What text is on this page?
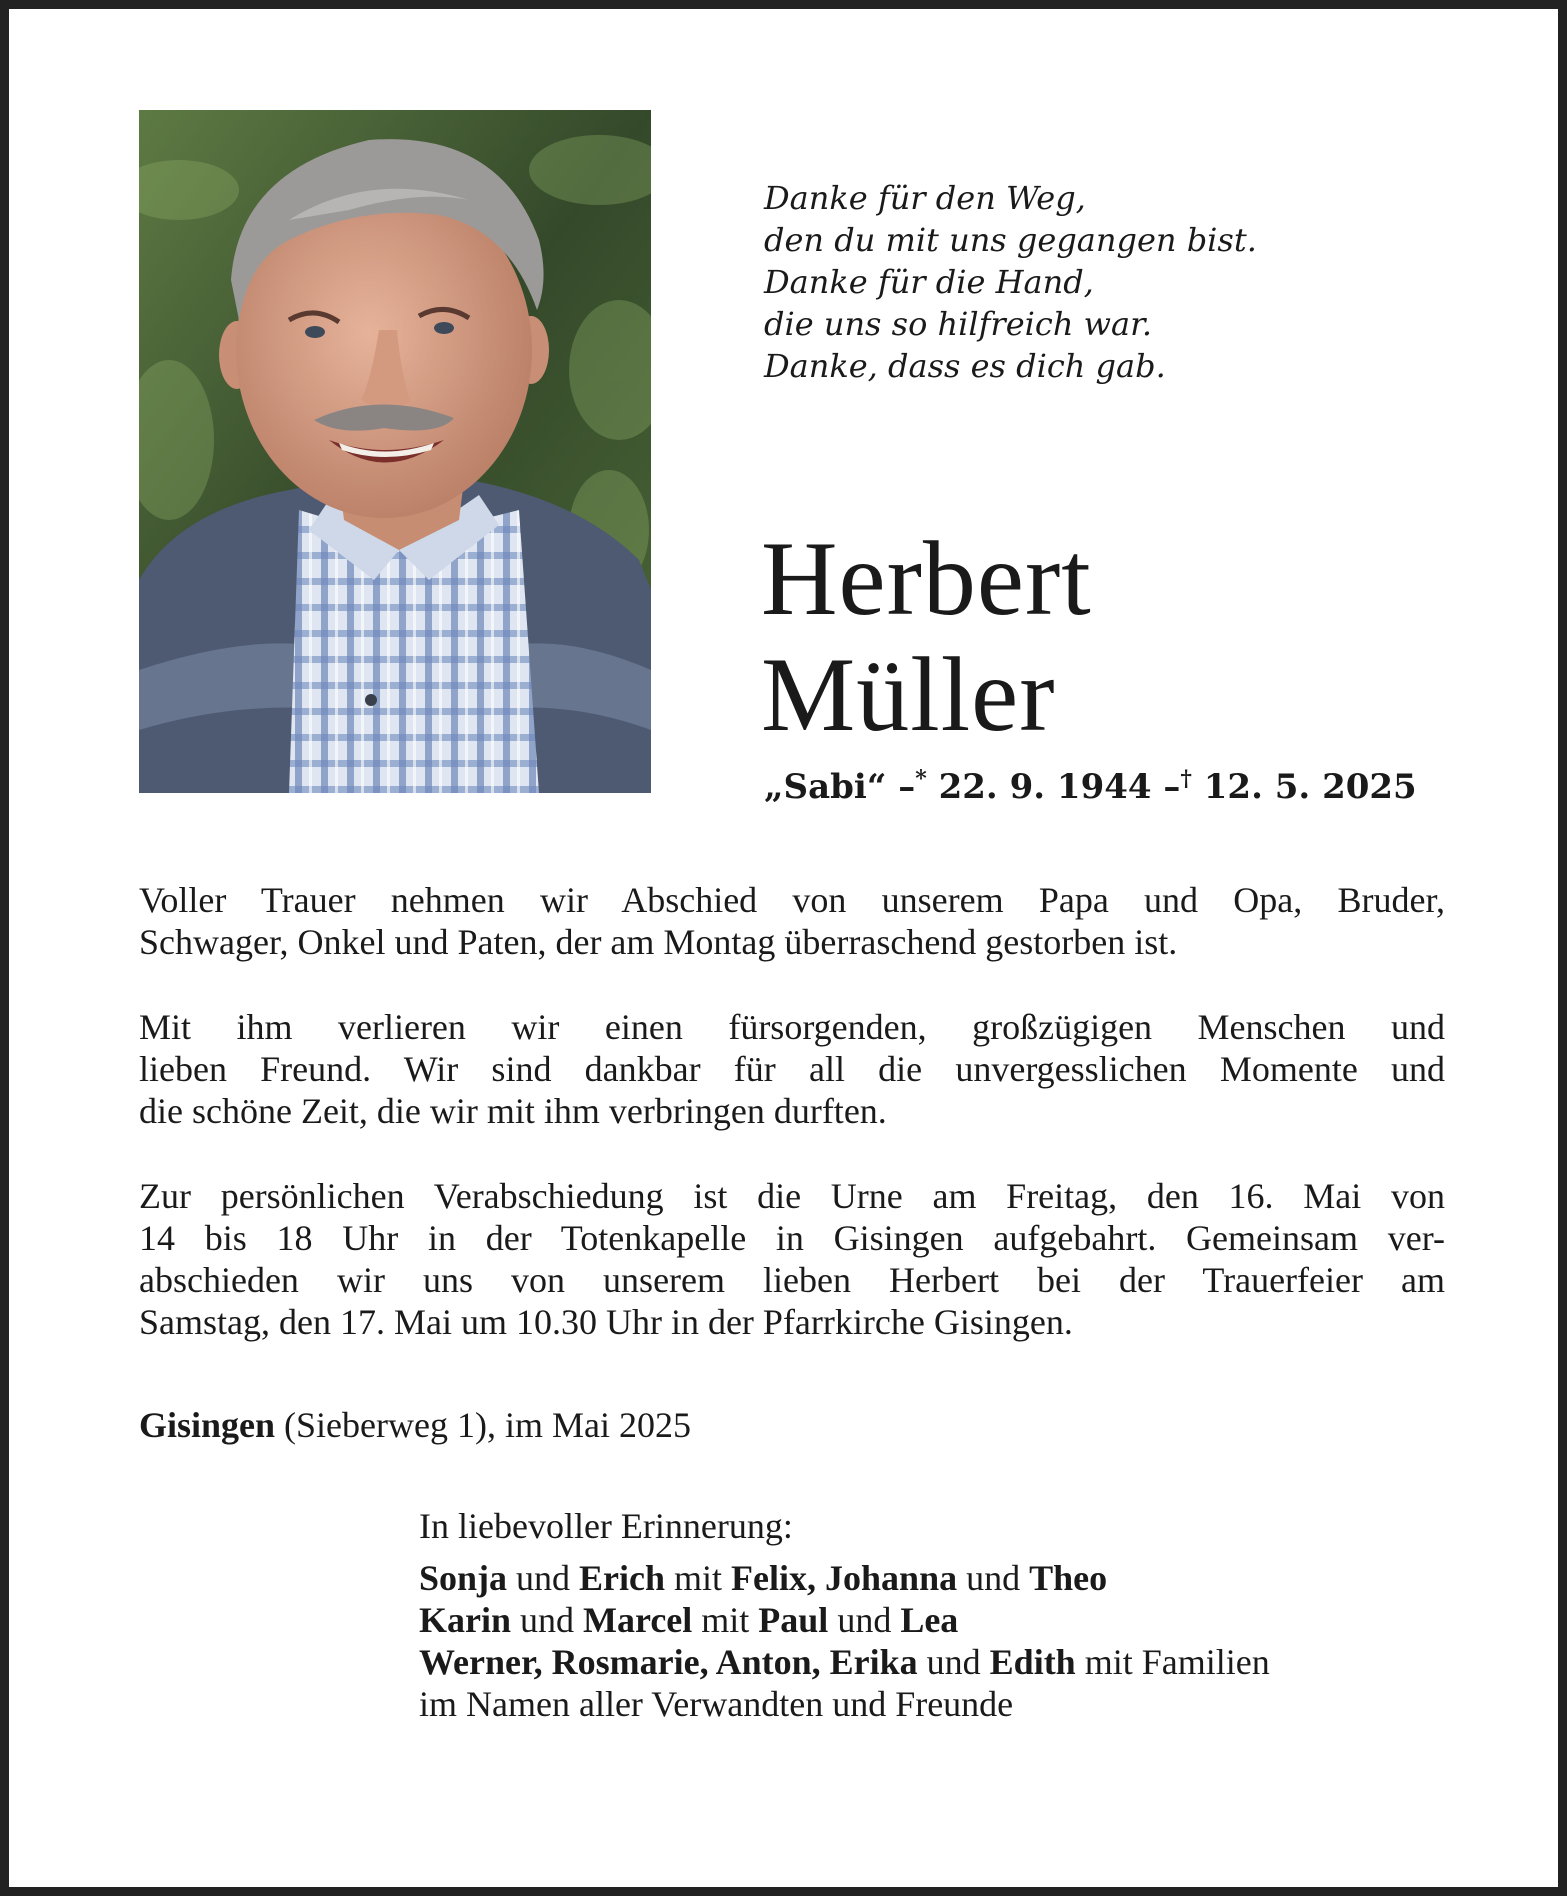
Danke für den Weg,
den du mit uns gegangen bist.
Danke für die Hand,
die uns so hilfreich war.
Danke, dass es dich gab.
Herbert
Müller
„Sabi“ –* 22. 9. 1944 –† 12. 5. 2025
Voller Trauer nehmen wir Abschied von unserem Papa und Opa, Bruder,
Schwager, Onkel und Paten, der am Montag überraschend gestorben ist.
Mit ihm verlieren wir einen fürsorgenden, großzügigen Menschen und
lieben Freund. Wir sind dankbar für all die unvergesslichen Momente und
die schöne Zeit, die wir mit ihm verbringen durften.
Zur persönlichen Verabschiedung ist die Urne am Freitag, den 16. Mai von
14 bis 18 Uhr in der Totenkapelle in Gisingen aufgebahrt. Gemeinsam ver-
abschieden wir uns von unserem lieben Herbert bei der Trauerfeier am
Samstag, den 17. Mai um 10.30 Uhr in der Pfarrkirche Gisingen.
Gisingen (Sieberweg 1), im Mai 2025
In liebevoller Erinnerung:
Sonja und Erich mit Felix, Johanna und Theo
Karin und Marcel mit Paul und Lea
Werner, Rosmarie, Anton, Erika und Edith mit Familien
im Namen aller Verwandten und Freunde
